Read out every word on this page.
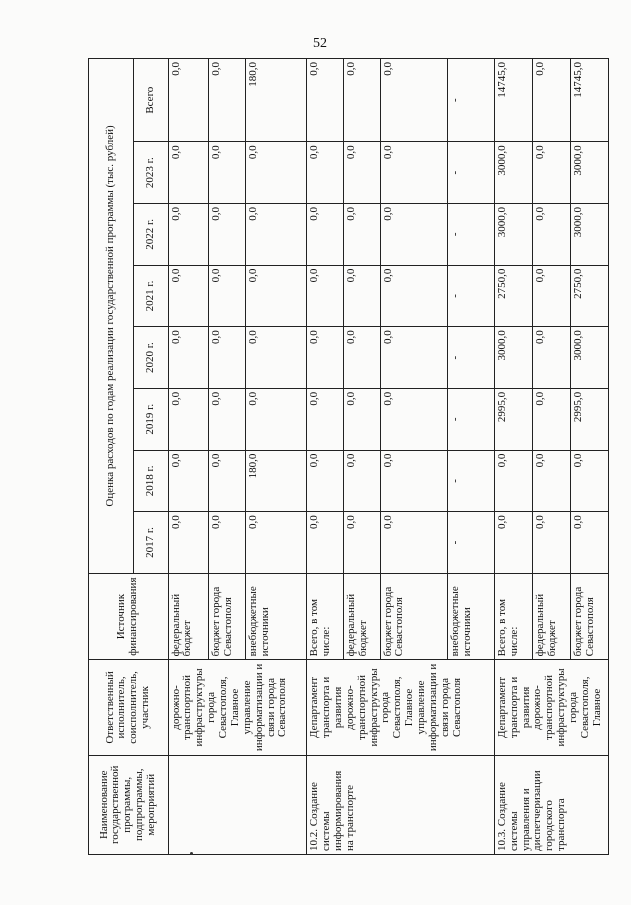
52
Наименование государственной программы, подпрограммы, мероприятий	Ответственный исполнитель, соисполнитель, участник	Источник финансирования	Оценка расходов по годам реализации государственной программы (тыс. рублей)							
			2017 г.	2018 г.	2019 г.	2020 г.	2021 г.	2022 г.	2023 г.	Всего
	дорожно-транспортной инфраструктуры города Севастополя, Главное управление информатизации и связи города Севастополя	федеральный бюджет	0,0	0,0	0,0	0,0	0,0	0,0	0,0	0,0
		бюджет города Севастополя	0,0	0,0	0,0	0,0	0,0	0,0	0,0	0,0
		внебюджетные источники	0,0	180,0	0,0	0,0	0,0	0,0	0,0	180,0
10.2. Создание системы информирования на транспорте	Департамент транспорта и развития дорожно-транспортной инфраструктуры города Севастополя, Главное управление информатизации и связи города Севастополя	Всего, в том числе:	0,0	0,0	0,0	0,0	0,0	0,0	0,0	0,0
		федеральный бюджет	0,0	0,0	0,0	0,0	0,0	0,0	0,0	0,0
		бюджет города Севастополя	0,0	0,0	0,0	0,0	0,0	0,0	0,0	0,0
		внебюджетные источники	-	-	-	-	-	-	-	-
10.3. Создание системы управления и диспетчеризации городского транспорта	Департамент транспорта и развития дорожно-транспортной инфраструктуры города Севастополя, Главное	Всего, в том числе:	0,0	0,0	2995,0	3000,0	2750,0	3000,0	3000,0	14745,0
		федеральный бюджет	0,0	0,0	0,0	0,0	0,0	0,0	0,0	0,0
		бюджет города Севастополя	0,0	0,0	2995,0	3000,0	2750,0	3000,0	3000,0	14745,0
